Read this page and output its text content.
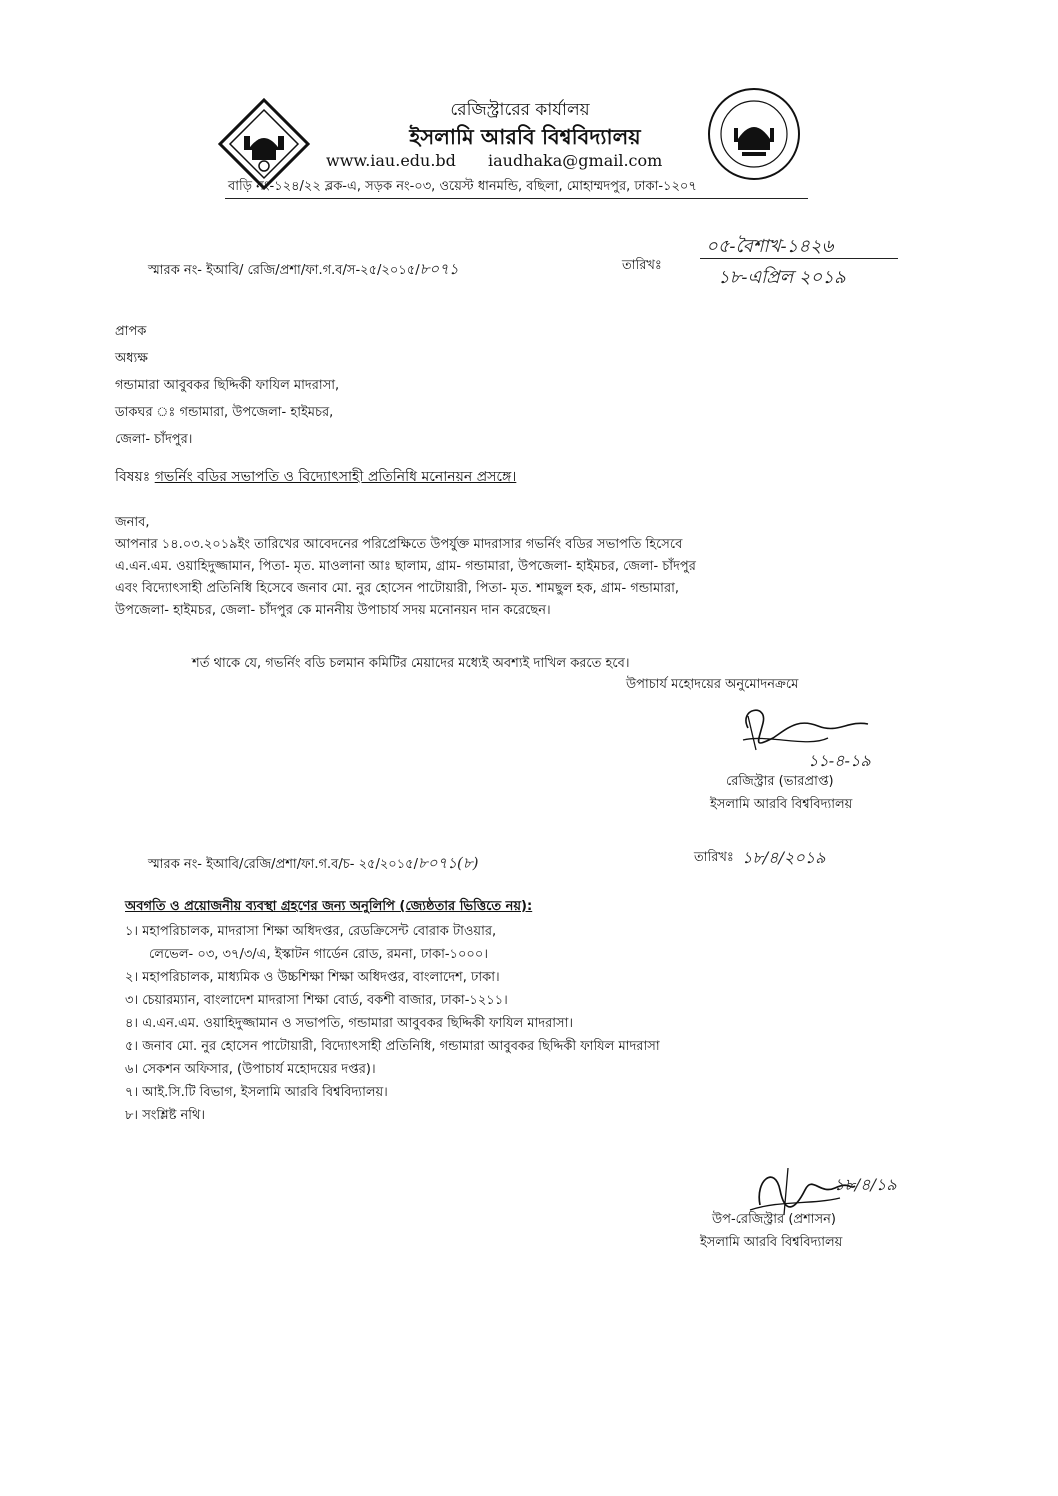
রেজিস্ট্রারের কার্যালয়
ইসলামি আরবি বিশ্ববিদ্যালয়
www.iau.edu.bd	iaudhaka@gmail.com
বাড়ি নং-১২৪/২২ ব্লক-এ, সড়ক নং-০৩, ওয়েস্ট ধানমন্ডি, বছিলা, মোহাম্মদপুর, ঢাকা-১২০৭
স্মারক নং- ইআবি/ রেজি/প্রশা/ফা.গ.ব/স-২৫/২০১৫/৮০৭১	তারিখঃ
০৫-বৈশাখ-১৪২৬
১৮-এপ্রিল ২০১৯
প্রাপক
অধ্যক্ষ
গন্ডামারা আবুবকর ছিদ্দিকী ফাযিল মাদরাসা,
ডাকঘর ঃ গন্ডামারা, উপজেলা- হাইমচর,
জেলা- চাঁদপুর।
বিষয়ঃ গভর্নিং বডির সভাপতি ও বিদ্যোৎসাহী প্রতিনিধি মনোনয়ন প্রসঙ্গে।
জনাব,
আপনার ১৪.০৩.২০১৯ইং তারিখের আবেদনের পরিপ্রেক্ষিতে উপর্যুক্ত মাদরাসার গভর্নিং বডির সভাপতি হিসেবে
এ.এন.এম. ওয়াহিদুজ্জামান, পিতা- মৃত. মাওলানা আঃ ছালাম, গ্রাম- গন্ডামারা, উপজেলা- হাইমচর, জেলা- চাঁদপুর
এবং বিদ্যোৎসাহী প্রতিনিধি হিসেবে জনাব মো. নুর হোসেন পাটোয়ারী, পিতা- মৃত. শামছুল হক, গ্রাম- গন্ডামারা,
উপজেলা- হাইমচর, জেলা- চাঁদপুর কে মাননীয় উপাচার্য সদয় মনোনয়ন দান করেছেন।
শর্ত থাকে যে, গভর্নিং বডি চলমান কমিটির মেয়াদের মধ্যেই অবশ্যই দাখিল করতে হবে।
উপাচার্য মহোদয়ের অনুমোদনক্রমে
১১-৪-১৯
রেজিস্ট্রার (ভারপ্রাপ্ত)
ইসলামি আরবি বিশ্ববিদ্যালয়
স্মারক নং- ইআবি/রেজি/প্রশা/ফা.গ.ব/চ- ২৫/২০১৫/৮০৭১(৮)	তারিখঃ ১৮/৪/২০১৯
অবগতি ও প্রয়োজনীয় ব্যবস্থা গ্রহণের জন্য অনুলিপি (জ্যেষ্ঠতার ভিত্তিতে নয়):
১। মহাপরিচালক, মাদরাসা শিক্ষা অধিদপ্তর, রেডক্রিসেন্ট বোরাক টাওয়ার,
লেভেল- ০৩, ৩৭/৩/এ, ইস্কাটন গার্ডেন রোড, রমনা, ঢাকা-১০০০।
২। মহাপরিচালক, মাধ্যমিক ও উচ্চশিক্ষা শিক্ষা অধিদপ্তর, বাংলাদেশ, ঢাকা।
৩। চেয়ারম্যান, বাংলাদেশ মাদরাসা শিক্ষা বোর্ড, বকশী বাজার, ঢাকা-১২১১।
৪। এ.এন.এম. ওয়াহিদুজ্জামান ও সভাপতি, গন্ডামারা আবুবকর ছিদ্দিকী ফাযিল মাদরাসা।
৫। জনাব মো. নুর হোসেন পাটোয়ারী, বিদ্যোৎসাহী প্রতিনিধি, গন্ডামারা আবুবকর ছিদ্দিকী ফাযিল মাদরাসা
৬। সেকশন অফিসার, (উপাচার্য মহোদয়ের দপ্তর)।
৭। আই.সি.টি বিভাগ, ইসলামি আরবি বিশ্ববিদ্যালয়।
৮। সংশ্লিষ্ট নথি।
১৮/৪/১৯
উপ-রেজিস্ট্রার (প্রশাসন)
ইসলামি আরবি বিশ্ববিদ্যালয়
